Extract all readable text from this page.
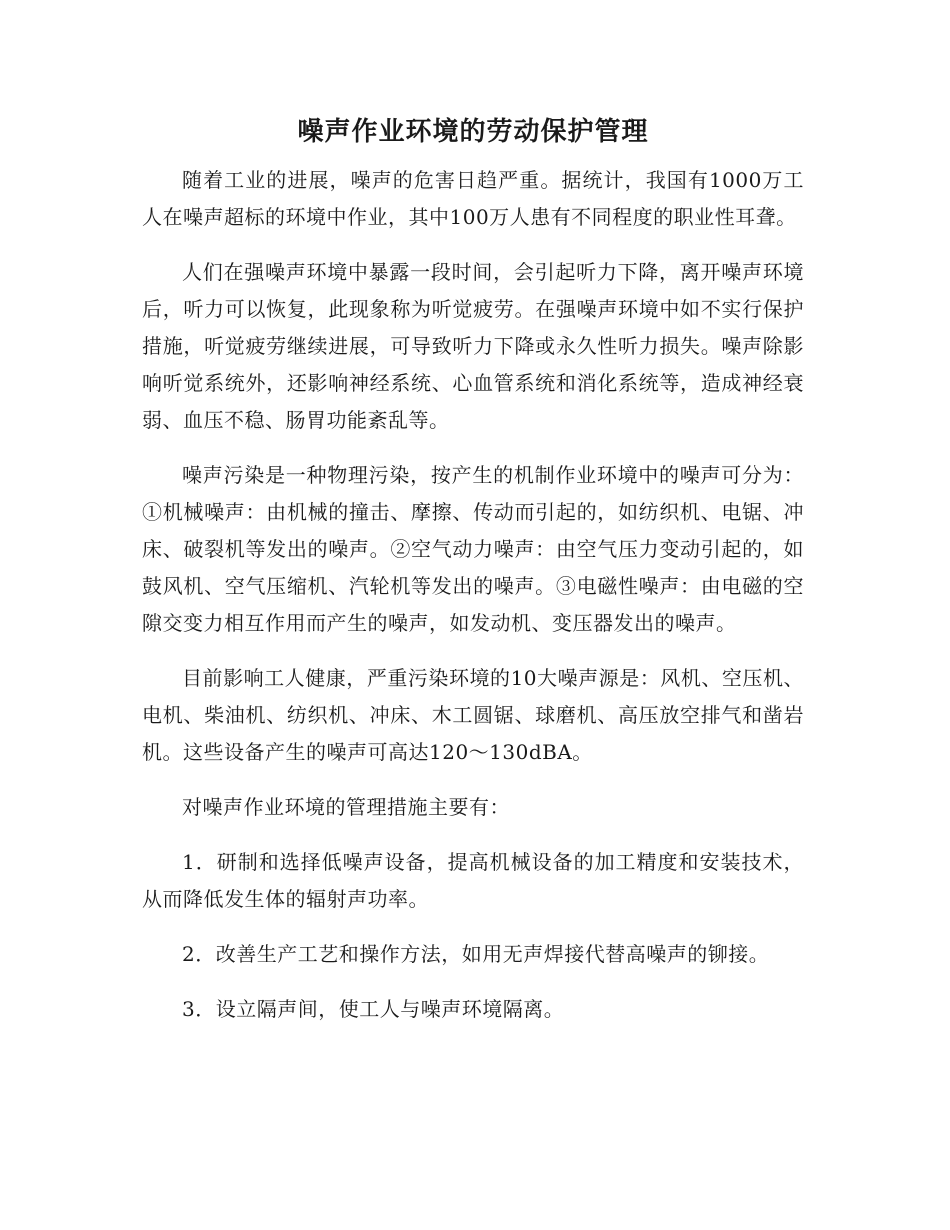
噪声作业环境的劳动保护管理

随着工业的进展，噪声的危害日趋严重。据统计，我国有1000万工人在噪声超标的环境中作业，其中100万人患有不同程度的职业性耳聋。

人们在强噪声环境中暴露一段时间，会引起听力下降，离开噪声环境后，听力可以恢复，此现象称为听觉疲劳。在强噪声环境中如不实行保护措施，听觉疲劳继续进展，可导致听力下降或永久性听力损失。噪声除影响听觉系统外，还影响神经系统、心血管系统和消化系统等，造成神经衰弱、血压不稳、肠胃功能紊乱等。

噪声污染是一种物理污染，按产生的机制作业环境中的噪声可分为：①机械噪声：由机械的撞击、摩擦、传动而引起的，如纺织机、电锯、冲床、破裂机等发出的噪声。②空气动力噪声：由空气压力变动引起的，如鼓风机、空气压缩机、汽轮机等发出的噪声。③电磁性噪声：由电磁的空隙交变力相互作用而产生的噪声，如发动机、变压器发出的噪声。

目前影响工人健康，严重污染环境的10大噪声源是：风机、空压机、电机、柴油机、纺织机、冲床、木工圆锯、球磨机、高压放空排气和凿岩机。这些设备产生的噪声可高达120～130dBA。

对噪声作业环境的管理措施主要有：

1．研制和选择低噪声设备，提高机械设备的加工精度和安装技术，从而降低发生体的辐射声功率。

2．改善生产工艺和操作方法，如用无声焊接代替高噪声的铆接。

3．设立隔声间，使工人与噪声环境隔离。
